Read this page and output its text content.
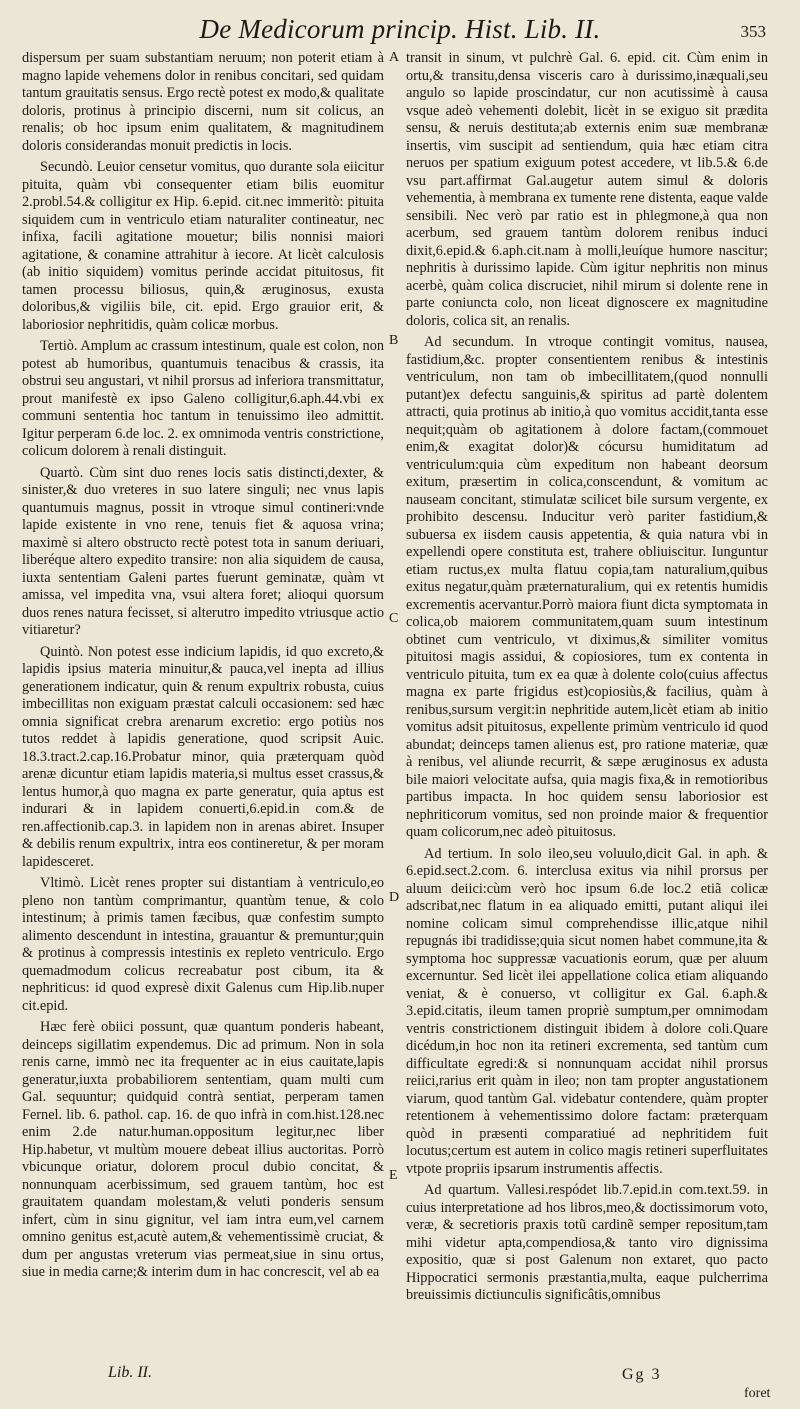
De Medicorum princip. Hist. Lib. II.	353

dispersum per suam substantiam neruum; non poterit etiam à magno lapide vehemens dolor in renibus concitari, sed quidam tantum grauitatis sensus. Ergo rectè potest ex modo,& qualitate doloris, protinus à principio discerni, num sit colicus, an renalis; ob hoc ipsum enim qualitatem, & magnitudinem doloris considerandas monuit predictis in locis.

Secundò. Leuior censetur vomitus, quo durante sola eiicitur pituita, quàm vbi consequenter etiam bilis euomitur 2.probl.54.& colligitur ex Hip. 6.epid. cit.nec immeritò: pituita siquidem cum in ventriculo etiam naturaliter contineatur, nec infixa, facili agitatione mouetur; bilis nonnisi maiori agitatione, & conamine attrahitur à iecore. At licèt calculosis (ab initio siquidem) vomitus perinde accidat pituitosus, fit tamen processu biliosus, quin,& æruginosus, exusta doloribus,& vigiliis bile, cit. epid. Ergo grauior erit, & laboriosior nephritidis, quàm colicæ morbus.

Tertiò. Amplum ac crassum intestinum, quale est colon, non potest ab humoribus, quantumuis tenacibus & crassis, ita obstrui seu angustari, vt nihil prorsus ad inferiora transmittatur, prout manifestè ex ipso Galeno colligitur,6.aph.44.vbi ex communi sententia hoc tantum in tenuissimo ileo admittit. Igitur perperam 6.de loc. 2. ex omnimoda ventris constrictione, colicum dolorem à renali distinguit.

Quartò. Cùm sint duo renes locis satis distincti,dexter, & sinister,& duo vreteres in suo latere singuli; nec vnus lapis quantumuis magnus, possit in vtroque simul contineri:vnde lapide existente in vno rene, tenuis fiet & aquosa vrina; maximè si altero obstructo rectè potest tota in sanum deriuari, liberéque altero expedito transire: non alia siquidem de causa, iuxta sententiam Galeni partes fuerunt geminatæ, quàm vt amissa, vel impedita vna, vsui altera foret; alioqui quorsum duos renes natura fecisset, si alterutro impedito vtriusque actio vitiaretur?

Quintò. Non potest esse indicium lapidis, id quo excreto,& lapidis ipsius materia minuitur,& pauca,vel inepta ad illius generationem indicatur, quin & renum expultrix robusta, cuius imbecillitas non exiguam præstat calculi occasionem: sed hæc omnia significat crebra arenarum excretio: ergo potiùs nos tutos reddet à lapidis generatione, quod scripsit Auic. 18.3.tract.2.cap.16.Probatur minor, quia præterquam quòd arenæ dicuntur etiam lapidis materia,si multus esset crassus,& lentus humor,à quo magna ex parte generatur, quia aptus est indurari & in lapidem conuerti,6.epid.in com.& de ren.affectionib.cap.3. in lapidem non in arenas abiret. Insuper & debilis renum expultrix, intra eos contineretur, & per moram lapidesceret.

Vltimò. Licèt renes propter sui distantiam à ventriculo,eo pleno non tantùm comprimantur, quantùm tenue, & colo intestinum; à primis tamen fæcibus, quæ confestim sumpto alimento descendunt in intestina, grauantur & premuntur;quin & protinus à compressis intestinis ex repleto ventriculo. Ergo quemadmodum colicus recreabatur post cibum, ita & nephriticus: id quod expresè dixit Galenus cum Hip.lib.nuper cit.epid.

Hæc ferè obiici possunt, quæ quantum ponderis habeant, deinceps sigillatim expendemus. Dic ad primum. Non in sola renis carne, immò nec ita frequenter ac in eius cauitate,lapis generatur,iuxta probabiliorem sententiam, quam multi cum Gal. sequuntur; quidquid contrà sentiat, perperam tamen Fernel. lib. 6. pathol. cap. 16. de quo infrà in com.hist.128.nec enim 2.de natur.human.oppositum legitur,nec liber Hip.habetur, vt multùm mouere debeat illius auctoritas. Porrò vbicunque oriatur, dolorem procul dubio concitat, & nonnunquam acerbissimum, sed grauem tantùm, hoc est grauitatem quandam molestam,& veluti ponderis sensum infert, cùm in sinu gignitur, vel iam intra eum,vel carnem omnino genitus est,acutè autem,& vehementissimè cruciat, & dum per angustas vreterum vias permeat,siue in sinu ortus, siue in media carne;& interim dum in hac concrescit, vel ab ea

transit in sinum, vt pulchrè Gal. 6. epid. cit. Cùm enim in ortu,& transitu,densa visceris caro à durissimo,inæquali,seu angulo so lapide proscindatur, cur non acutissimè à causa vsque adeò vehementi dolebit, licèt in se exiguo sit prædita sensu, & neruis destituta;ab externis enim suæ membranæ insertis, vim suscipit ad sentiendum, quia hæc etiam citra neruos per spatium exiguum potest accedere, vt lib.5.& 6.de vsu part.affirmat Gal.augetur autem simul & doloris vehementia, à membrana ex tumente rene distenta, eaque valde sensibili. Nec verò par ratio est in phlegmone,à qua non acerbum, sed grauem tantùm dolorem renibus induci dixit,6.epid.& 6.aph.cit.nam à molli,leuíque humore nascitur; nephritis à durissimo lapide. Cùm igitur nephritis non minus acerbè, quàm colica discruciet, nihil mirum si dolente rene in parte coniuncta colo, non liceat dignoscere ex magnitudine doloris, colica sit, an renalis.

Ad secundum. In vtroque contingit vomitus, nausea, fastidium,&c. propter consentientem renibus & intestinis ventriculum, non tam ob imbecillitatem,(quod nonnulli putant)ex defectu sanguinis,& spiritus ad partè dolentem attracti, quia protinus ab initio,à quo vomitus accidit,tanta esse nequit;quàm ob agitationem à dolore factam,(commouet enim,& exagitat dolor)& cócursu humiditatum ad ventriculum:quia cùm expeditum non habeant deorsum exitum, præsertim in colica,conscendunt, & vomitum ac nauseam concitant, stimulatæ scilicet bile sursum vergente, ex prohibito descensu. Inducitur verò pariter fastidium,& subuersa ex iisdem causis appetentia, & quia natura vbi in expellendi opere constituta est, trahere obliuiscitur. Iunguntur etiam ructus,ex multa flatuu copia,tam naturalium,quibus exitus negatur,quàm præternaturalium, qui ex retentis humidis excrementis acervantur.Porrò maiora fiunt dicta symptomata in colica,ob maiorem communitatem,quam suum intestinum obtinet cum ventriculo, vt diximus,& similiter vomitus pituitosi magis assidui, & copiosiores, tum ex contenta in ventriculo pituita, tum ex ea quæ à dolente colo(cuius affectus magna ex parte frigidus est)copiosiùs,& facilius, quàm à renibus,sursum vergit:in nephritide autem,licèt etiam ab initio vomitus adsit pituitosus, expellente primùm ventriculo id quod abundat; deinceps tamen alienus est, pro ratione materiæ, quæ à renibus, vel aliunde recurrit, & sæpe æruginosus ex adusta bile maiori velocitate aufsa, quia magis fixa,& in remotioribus partibus impacta. In hoc quidem sensu laboriosior est nephriticorum vomitus, sed non proinde maior & frequentior quam colicorum,nec adeò pituitosus.

Ad tertium. In solo ileo,seu voluulo,dicit Gal. in aph. & 6.epid.sect.2.com. 6. interclusa exitus via nihil prorsus per aluum deiici:cùm verò hoc ipsum 6.de loc.2 etiã colicæ adscribat,nec flatum in ea aliquado emitti, putant aliqui ilei nomine colicam simul comprehendisse illic,atque nihil repugnás ibi tradidisse;quia sicut nomen habet commune,ita & symptoma hoc suppressæ vacuationis eorum, quæ per aluum excernuntur. Sed licèt ilei appellatione colica etiam aliquando veniat, & è conuerso, vt colligitur ex Gal. 6.aph.& 3.epid.citatis, ileum tamen propriè sumptum,per omnimodam ventris constrictionem distinguit ibidem à dolore coli.Quare dicédum,in hoc non ita retineri excrementa, sed tantùm cum difficultate egredi:& si nonnunquam accidat nihil prorsus reiici,rarius erit quàm in ileo; non tam propter angustationem viarum, quod tantùm Gal. videbatur contendere, quàm propter retentionem à vehementissimo dolore factam: præterquam quòd in præsenti comparatiué ad nephritidem fuit locutus;certum est autem in colico magis retineri superfluitates vtpote propriis ipsarum instrumentis affectis.

Ad quartum. Vallesi.respódet lib.7.epid.in com.text.59. in cuius interpretatione ad hos libros,meo,& doctissimorum voto, veræ, & secretioris praxis totũ cardinẽ semper repositum,tam mihi videtur apta,compendiosa,& tanto viro dignissima expositio, quæ si post Galenum non extaret, quo pacto Hippocratici sermonis præstantia,multa, eaque pulcherrima breuissimis dictiunculis significâtis,omnibus

A
B
C
D
E
Lib. II.	Gg 3
foret
